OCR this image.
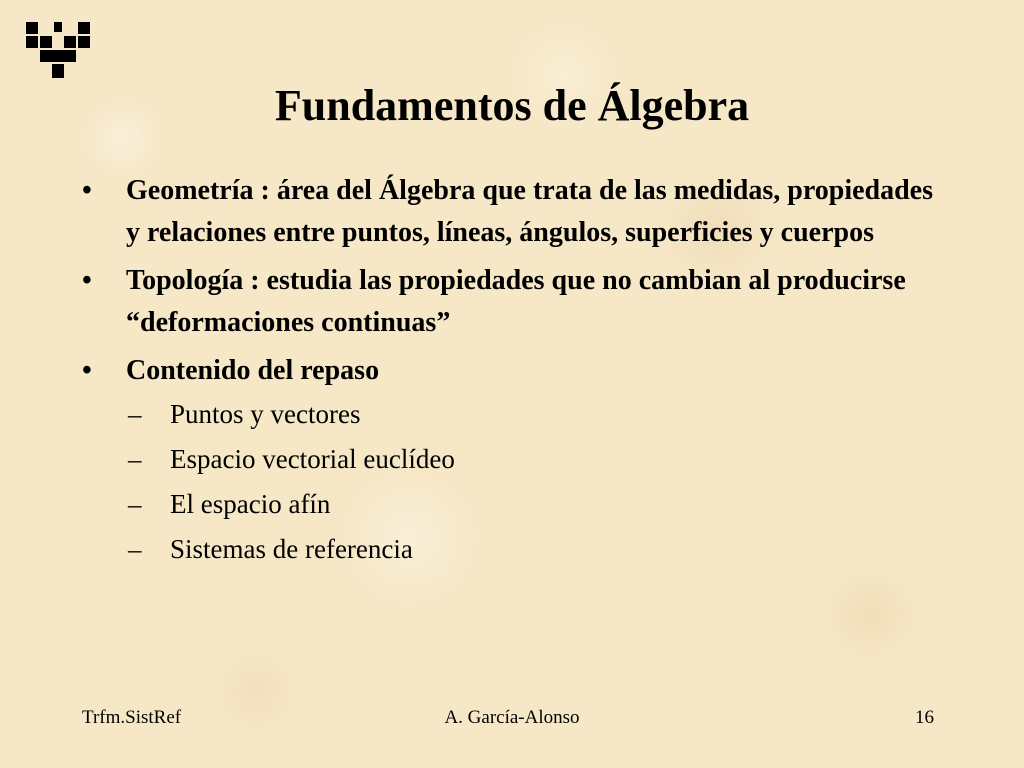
Fundamentos de Álgebra
•	Geometría : área del Álgebra que trata de las medidas, propiedades y relaciones entre puntos, líneas, ángulos, superficies y cuerpos
•	Topología : estudia las propiedades que no cambian al producirse “deformaciones continuas”
•	Contenido del repaso
–	Puntos y vectores
–	Espacio vectorial euclídeo
–	El espacio afín
–	Sistemas de referencia
A. García-Alonso
Trfm.SistRef	16
